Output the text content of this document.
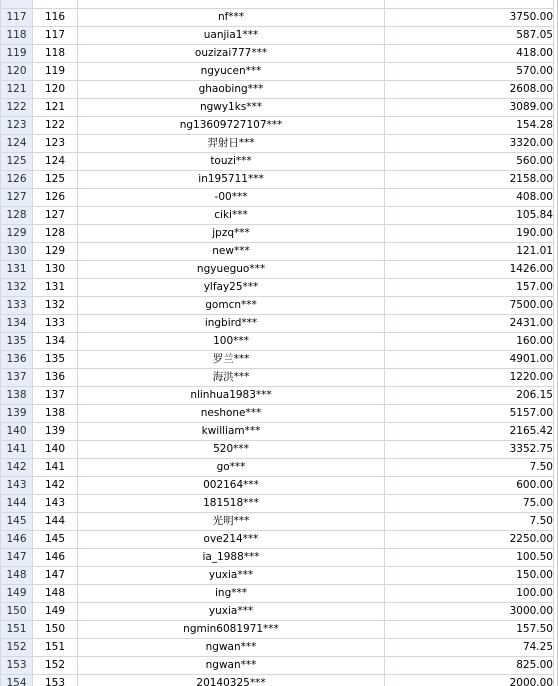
117	116	nf***	3750.00
118	117	uanjia1***	587.05
119	118	ouzizai777***	418.00
120	119	ngyucen***	570.00
121	120	ghaobing***	2608.00
122	121	ngwy1ks***	3089.00
123	122	ng13609727107***	154.28
124	123	羿射日***	3320.00
125	124	touzi***	560.00
126	125	in195711***	2158.00
127	126	-00***	408.00
128	127	ciki***	105.84
129	128	jpzq***	190.00
130	129	new***	121.01
131	130	ngyueguo***	1426.00
132	131	ylfay25***	157.00
133	132	gomcn***	7500.00
134	133	ingbird***	2431.00
135	134	100***	160.00
136	135	罗兰***	4901.00
137	136	海洪***	1220.00
138	137	nlinhua1983***	206.15
139	138	neshone***	5157.00
140	139	kwilliam***	2165.42
141	140	520***	3352.75
142	141	go***	7.50
143	142	002164***	600.00
144	143	181518***	75.00
145	144	光明***	7.50
146	145	ove214***	2250.00
147	146	ia_1988***	100.50
148	147	yuxia***	150.00
149	148	ing***	100.00
150	149	yuxia***	3000.00
151	150	ngmin6081971***	157.50
152	151	ngwan***	74.25
153	152	ngwan***	825.00
154	153	20140325***	2000.00
